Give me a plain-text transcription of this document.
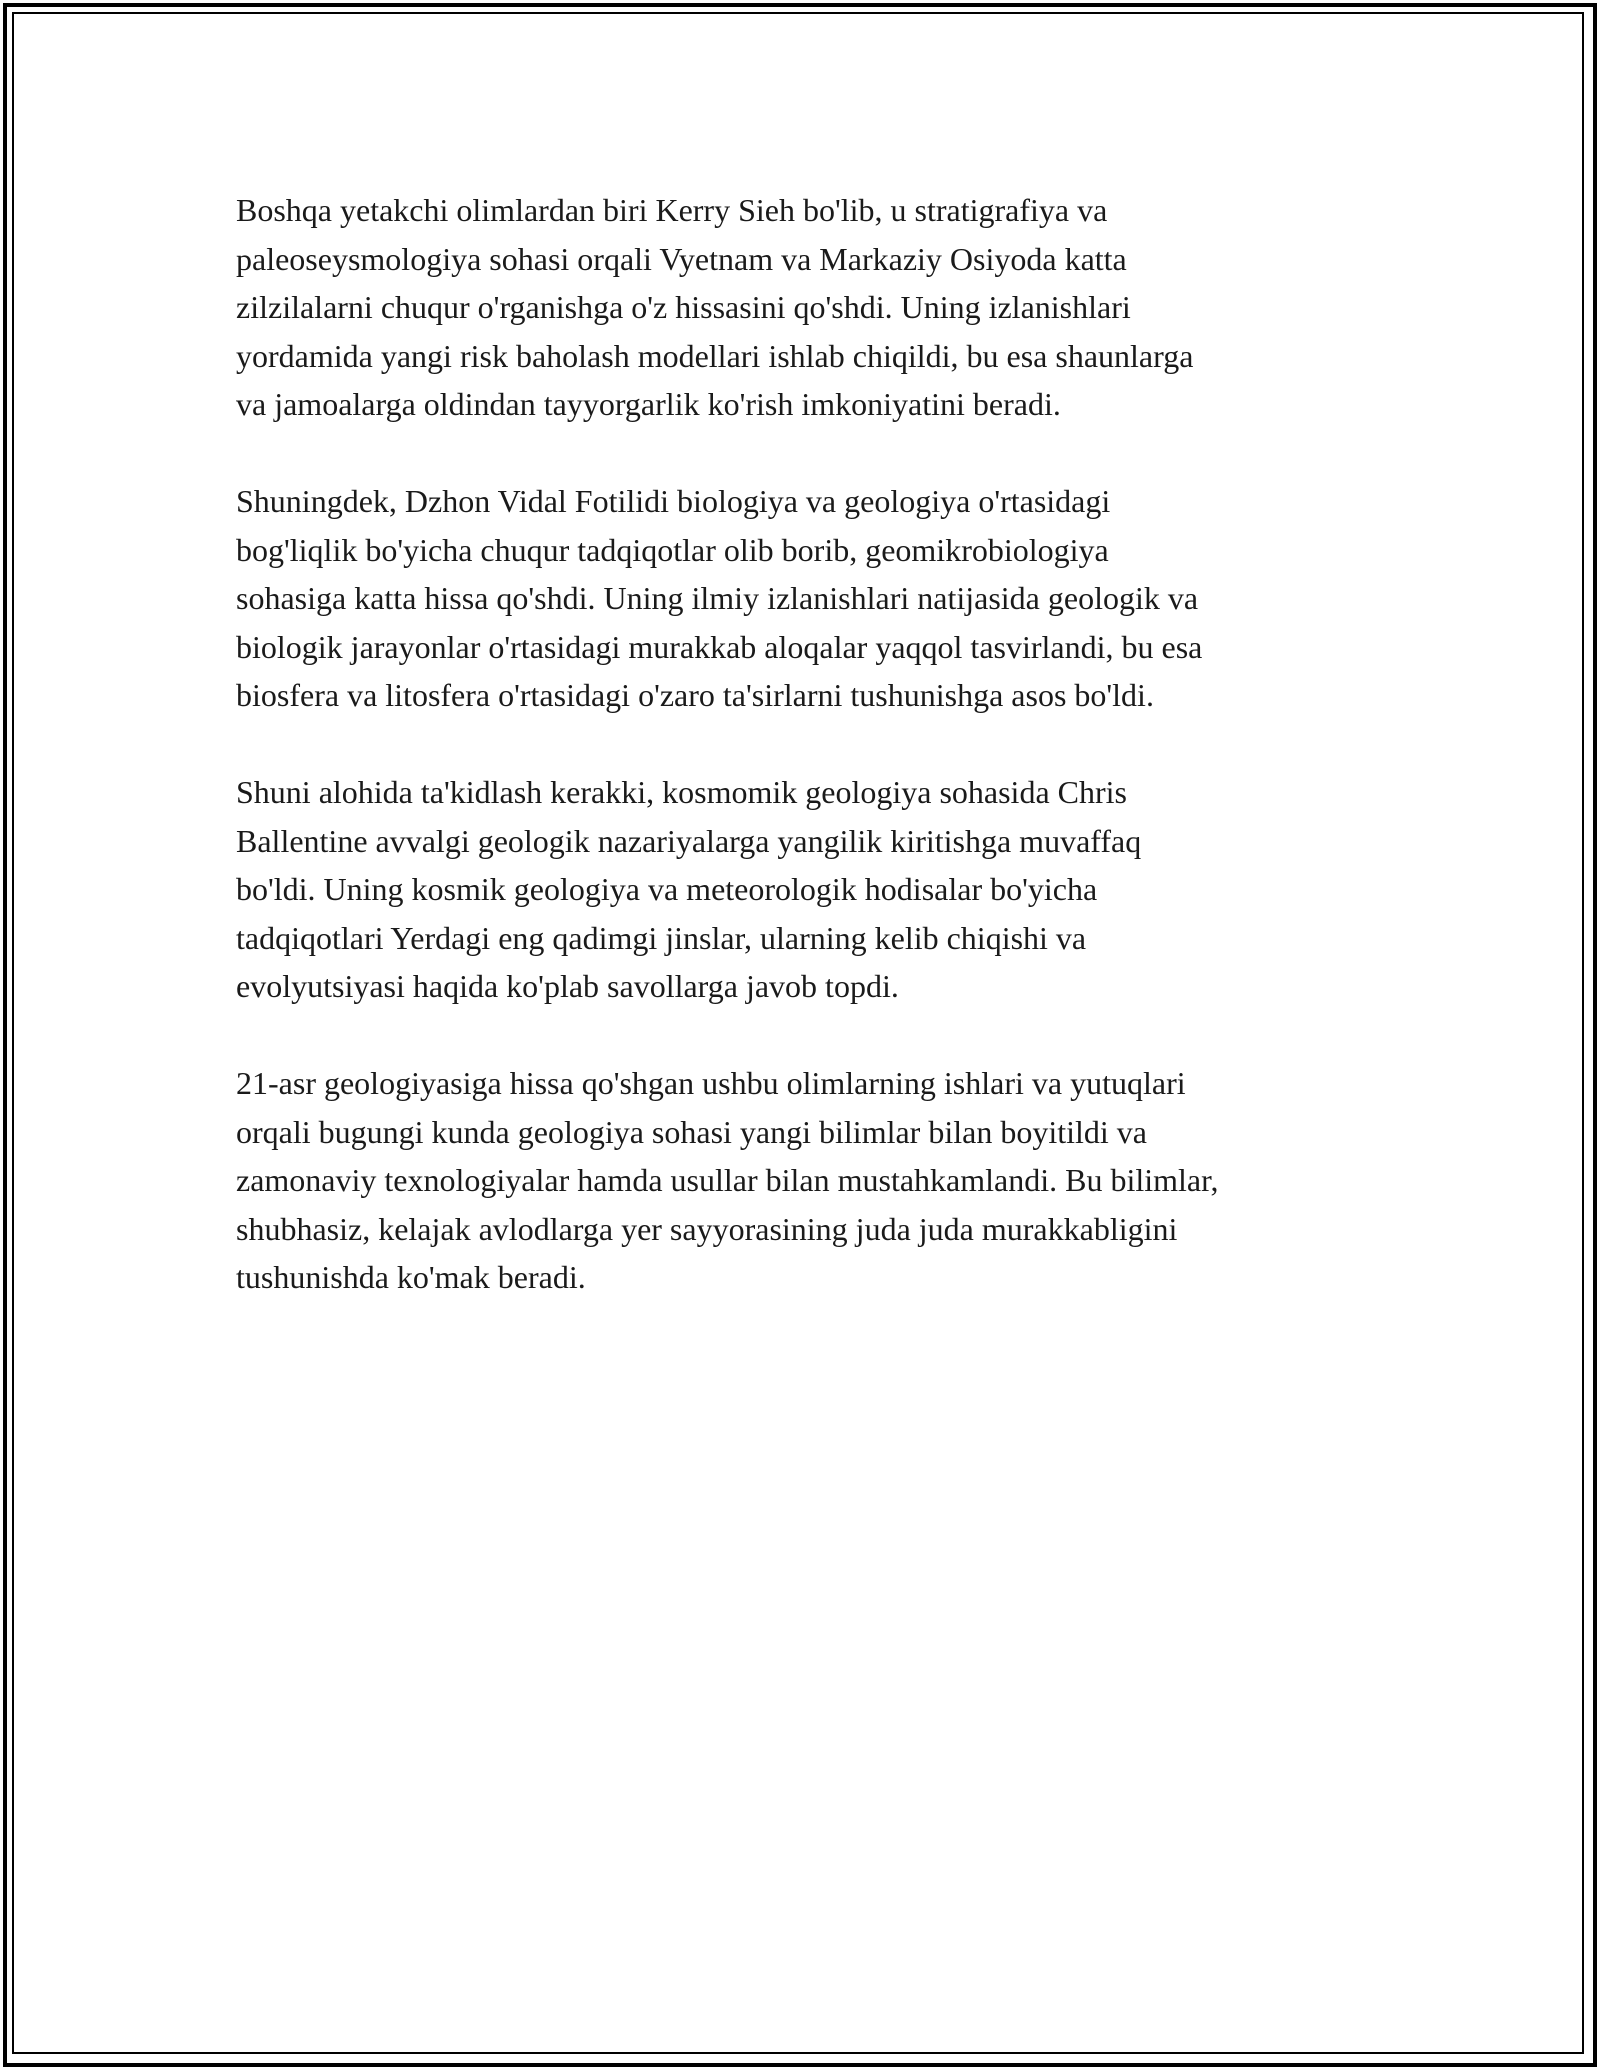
Boshqa yetakchi olimlardan biri Kerry Sieh bo'lib, u stratigrafiya va
paleoseysmologiya sohasi orqali Vyetnam va Markaziy Osiyoda katta
zilzilalarni chuqur o'rganishga o'z hissasini qo'shdi. Uning izlanishlari
yordamida yangi risk baholash modellari ishlab chiqildi, bu esa shaunlarga
va jamoalarga oldindan tayyorgarlik ko'rish imkoniyatini beradi.

Shuningdek, Dzhon Vidal Fotilidi biologiya va geologiya o'rtasidagi
bog'liqlik bo'yicha chuqur tadqiqotlar olib borib, geomikrobiologiya
sohasiga katta hissa qo'shdi. Uning ilmiy izlanishlari natijasida geologik va
biologik jarayonlar o'rtasidagi murakkab aloqalar yaqqol tasvirlandi, bu esa
biosfera va litosfera o'rtasidagi o'zaro ta'sirlarni tushunishga asos bo'ldi.

Shuni alohida ta'kidlash kerakki, kosmomik geologiya sohasida Chris
Ballentine avvalgi geologik nazariyalarga yangilik kiritishga muvaffaq
bo'ldi. Uning kosmik geologiya va meteorologik hodisalar bo'yicha
tadqiqotlari Yerdagi eng qadimgi jinslar, ularning kelib chiqishi va
evolyutsiyasi haqida ko'plab savollarga javob topdi.

21-asr geologiyasiga hissa qo'shgan ushbu olimlarning ishlari va yutuqlari
orqali bugungi kunda geologiya sohasi yangi bilimlar bilan boyitildi va
zamonaviy texnologiyalar hamda usullar bilan mustahkamlandi. Bu bilimlar,
shubhasiz, kelajak avlodlarga yer sayyorasining juda juda murakkabligini
tushunishda ko'mak beradi.
